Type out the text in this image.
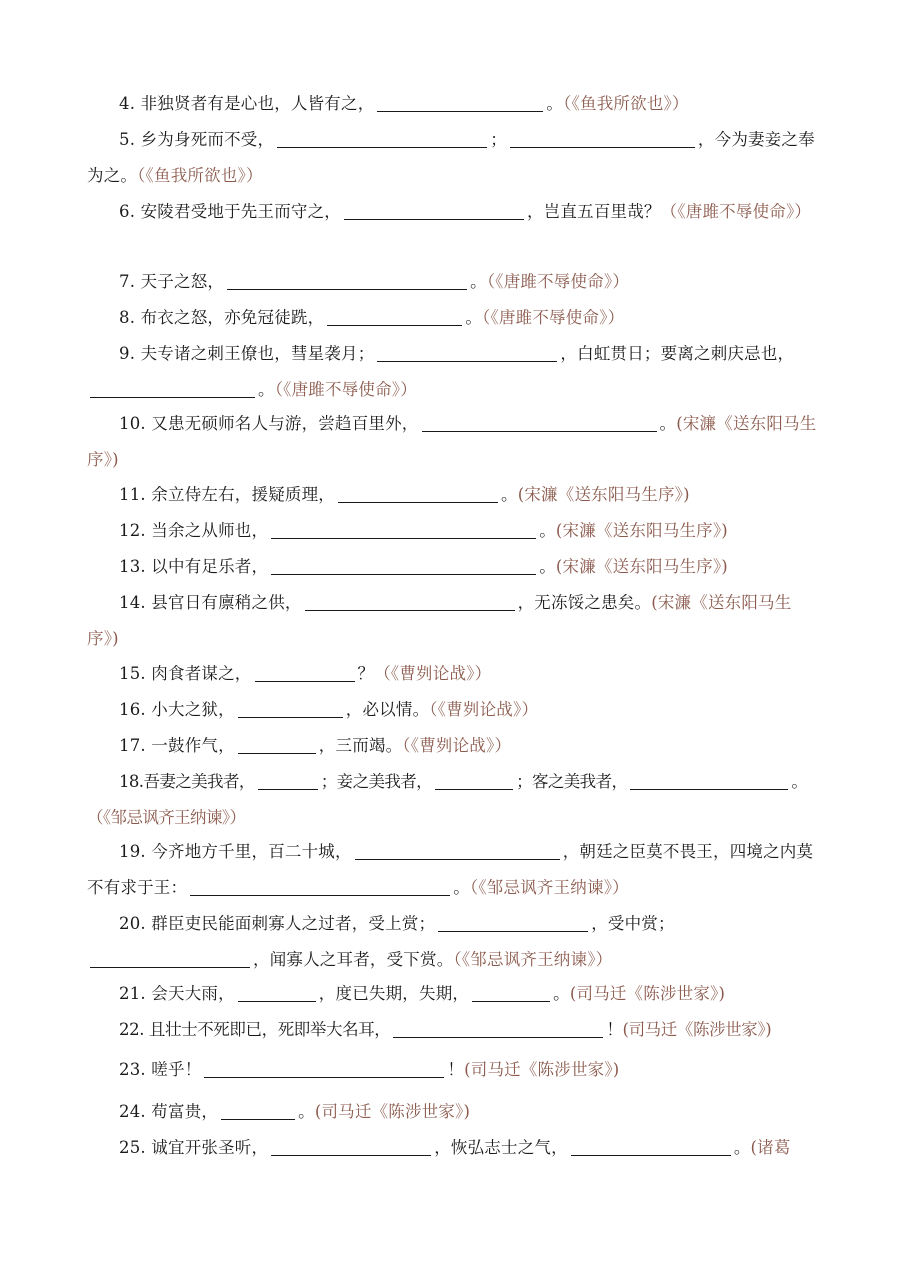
4. 非独贤者有是心也，人皆有之，	。（《鱼我所欲也》）
5. 乡为身死而不受，	；	，今为妻妾之奉为之。（《鱼我所欲也》）
6. 安陵君受地于先王而守之，	，岂直五百里哉？（《唐雎不辱使命》）
7. 天子之怒，	。（《唐雎不辱使命》）
8. 布衣之怒，亦免冠徒跣，	。（《唐雎不辱使命》）
9. 夫专诸之刺王僚也，彗星袭月；	，白虹贯日；要离之刺庆忌也，。（《唐雎不辱使命》）
10. 又患无硕师名人与游，尝趋百里外，	。(宋濂《送东阳马生序》)
11. 余立侍左右，援疑质理，	。(宋濂《送东阳马生序》)
12. 当余之从师也，	。(宋濂《送东阳马生序》)
13. 以中有足乐者，	。(宋濂《送东阳马生序》)
14. 县官日有廪稍之供，	，无冻馁之患矣。(宋濂《送东阳马生序》)
15. 肉食者谋之，	？（《曹刿论战》）
16. 小大之狱，	，必以情。（《曹刿论战》）
17. 一鼓作气，	，三而竭。（《曹刿论战》）
18.吾妻之美我者，	；妾之美我者，	；客之美我者，	。（《邹忌讽齐王纳谏》）
19. 今齐地方千里，百二十城，	，朝廷之臣莫不畏王，四境之内莫不有求于王：	。（《邹忌讽齐王纳谏》）
20. 群臣吏民能面刺寡人之过者，受上赏；	，受中赏；，闻寡人之耳者，受下赏。（《邹忌讽齐王纳谏》）
21. 会天大雨，	，度已失期，失期，	。(司马迁《陈涉世家》)
22. 且壮士不死即已，死即举大名耳，	！(司马迁《陈涉世家》)
23. 嗟乎！	！(司马迁《陈涉世家》)
24. 苟富贵，	。(司马迁《陈涉世家》)
25. 诚宜开张圣听，	，恢弘志士之气，	。(诸葛
